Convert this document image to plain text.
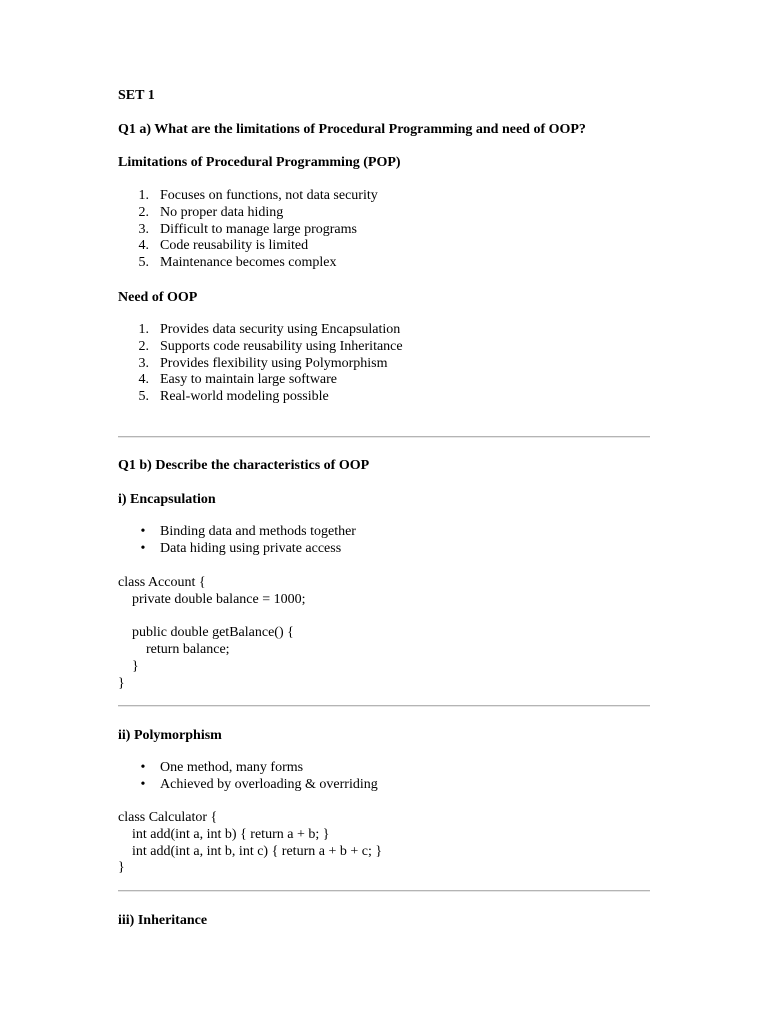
SET 1
Q1 a) What are the limitations of Procedural Programming and need of OOP?
Limitations of Procedural Programming (POP)
1. Focuses on functions, not data security
2. No proper data hiding
3. Difficult to manage large programs
4. Code reusability is limited
5. Maintenance becomes complex
Need of OOP
1. Provides data security using Encapsulation
2. Supports code reusability using Inheritance
3. Provides flexibility using Polymorphism
4. Easy to maintain large software
5. Real-world modeling possible
Q1 b) Describe the characteristics of OOP
i) Encapsulation
• Binding data and methods together
• Data hiding using private access
class Account {
private double balance = 1000;
public double getBalance() {
return balance;
}
}
ii) Polymorphism
• One method, many forms
• Achieved by overloading & overriding
class Calculator {
int add(int a, int b) { return a + b; }
int add(int a, int b, int c) { return a + b + c; }
}
iii) Inheritance
